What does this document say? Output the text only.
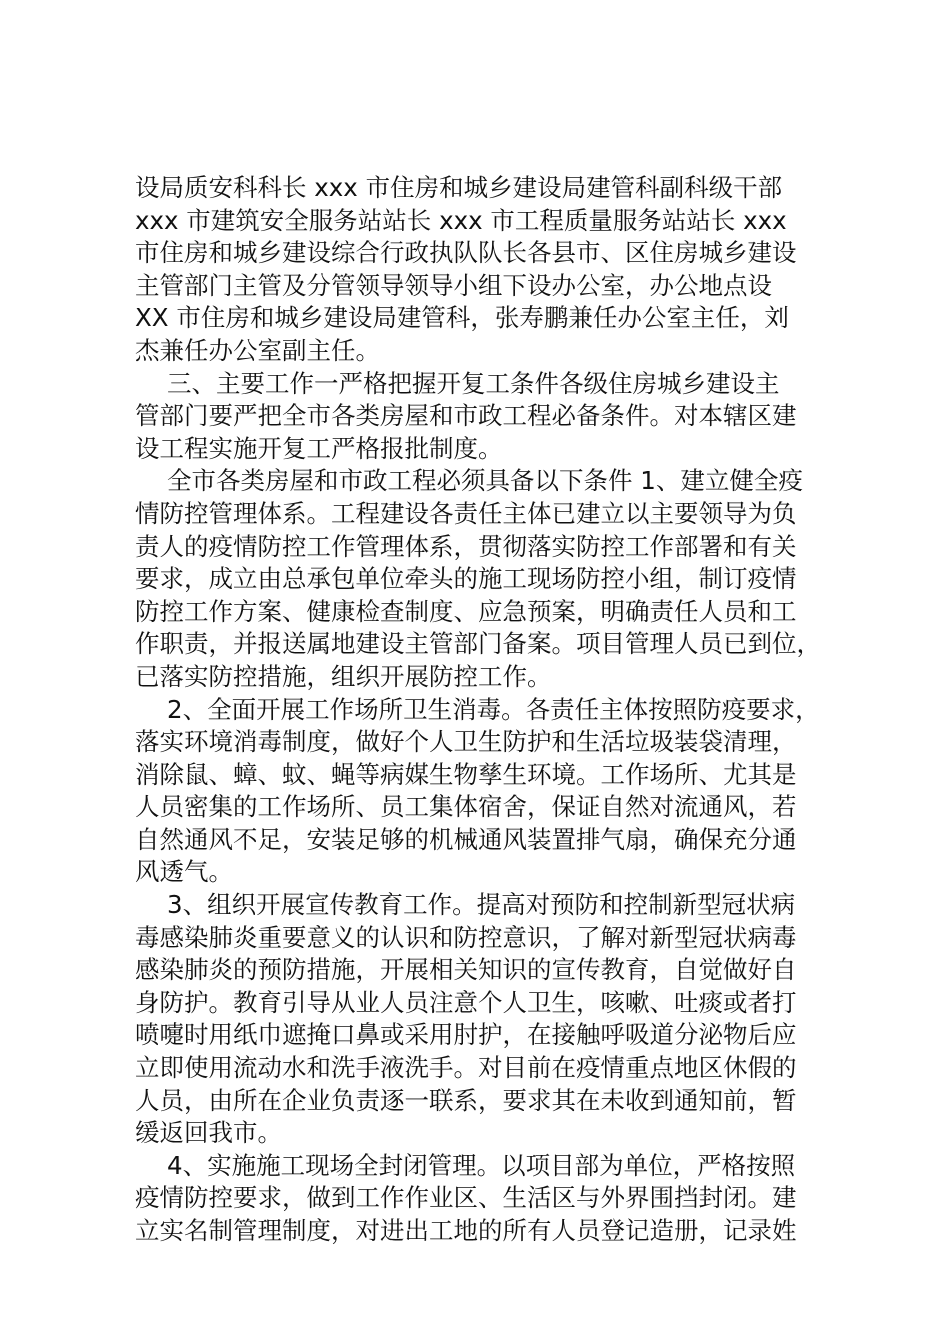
设局质安科科长 xxx 市住房和城乡建设局建管科副科级干部
xxx 市建筑安全服务站站长 xxx 市工程质量服务站站长 xxx
市住房和城乡建设综合行政执队队长各县市、区住房城乡建设
主管部门主管及分管领导领导小组下设办公室，办公地点设
XX 市住房和城乡建设局建管科，张寿鹏兼任办公室主任，刘
杰兼任办公室副主任。
三、主要工作一严格把握开复工条件各级住房城乡建设主
管部门要严把全市各类房屋和市政工程必备条件。对本辖区建
设工程实施开复工严格报批制度。
全市各类房屋和市政工程必须具备以下条件 1、建立健全疫
情防控管理体系。工程建设各责任主体已建立以主要领导为负
责人的疫情防控工作管理体系，贯彻落实防控工作部署和有关
要求，成立由总承包单位牵头的施工现场防控小组，制订疫情
防控工作方案、健康检查制度、应急预案，明确责任人员和工
作职责，并报送属地建设主管部门备案。项目管理人员已到位，
已落实防控措施，组织开展防控工作。
2、全面开展工作场所卫生消毒。各责任主体按照防疫要求，
落实环境消毒制度，做好个人卫生防护和生活垃圾装袋清理，
消除鼠、蟑、蚊、蝇等病媒生物孳生环境。工作场所、尤其是
人员密集的工作场所、员工集体宿舍，保证自然对流通风，若
自然通风不足，安装足够的机械通风装置排气扇，确保充分通
风透气。
3、组织开展宣传教育工作。提高对预防和控制新型冠状病
毒感染肺炎重要意义的认识和防控意识，了解对新型冠状病毒
感染肺炎的预防措施，开展相关知识的宣传教育，自觉做好自
身防护。教育引导从业人员注意个人卫生，咳嗽、吐痰或者打
喷嚏时用纸巾遮掩口鼻或采用肘护，在接触呼吸道分泌物后应
立即使用流动水和洗手液洗手。对目前在疫情重点地区休假的
人员，由所在企业负责逐一联系，要求其在未收到通知前，暂
缓返回我市。
4、实施施工现场全封闭管理。以项目部为单位，严格按照
疫情防控要求，做到工作作业区、生活区与外界围挡封闭。建
立实名制管理制度，对进出工地的所有人员登记造册，记录姓
